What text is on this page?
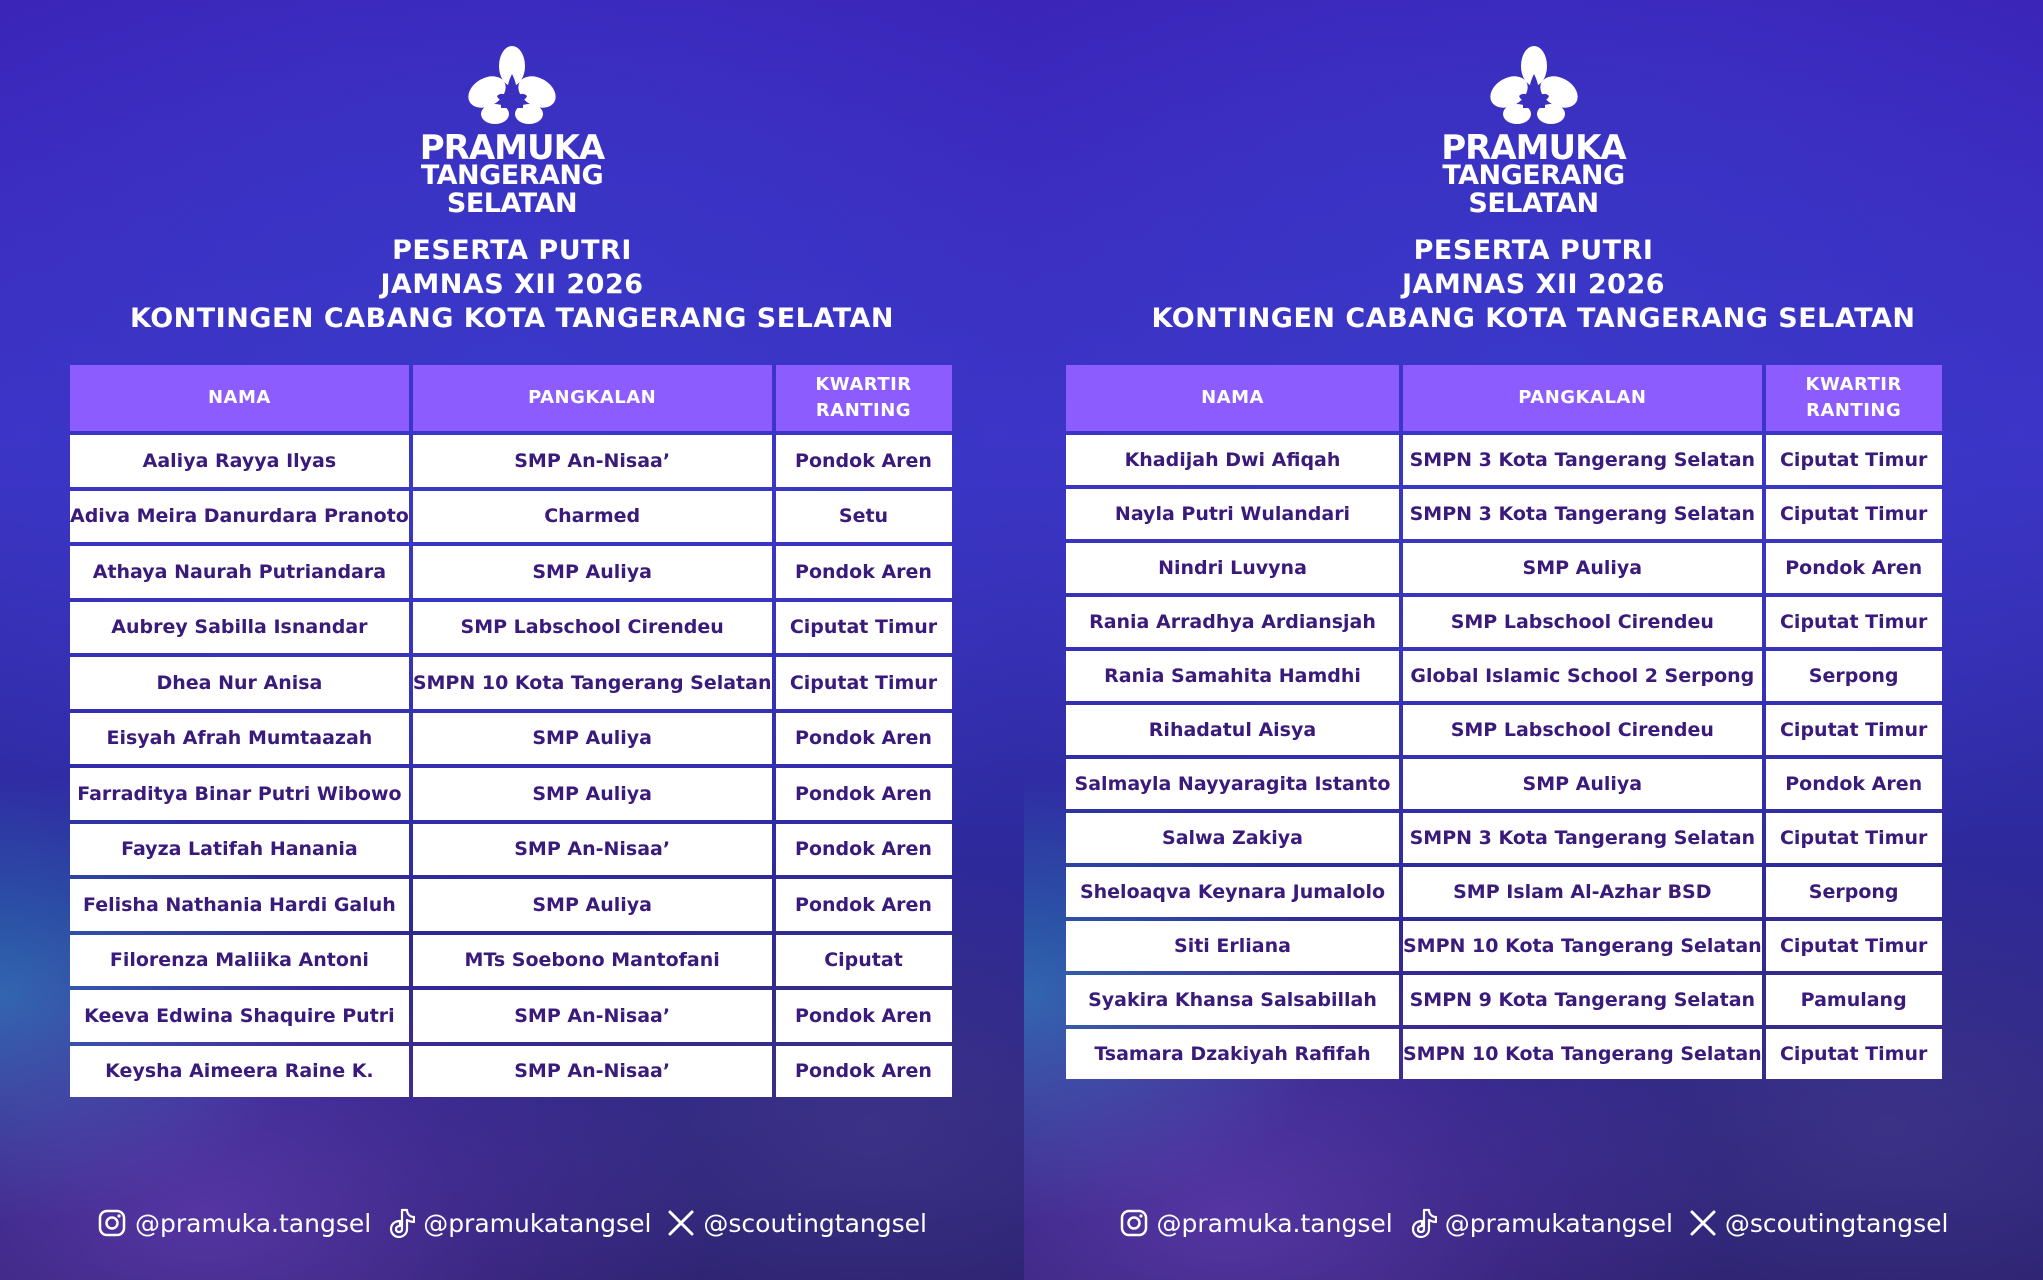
PRAMUKA
TANGERANG
SELATAN
PESERTA PUTRI
JAMNAS XII 2026
KONTINGEN CABANG KOTA TANGERANG SELATAN
NAMA	PANGKALAN	KWARTIR
RANTING
Aaliya Rayya Ilyas	SMP An-Nisaa’	Pondok Aren
Adiva Meira Danurdara Pranoto	Charmed	Setu
Athaya Naurah Putriandara	SMP Auliya	Pondok Aren
Aubrey Sabilla Isnandar	SMP Labschool Cirendeu	Ciputat Timur
Dhea Nur Anisa	SMPN 10 Kota Tangerang Selatan	Ciputat Timur
Eisyah Afrah Mumtaazah	SMP Auliya	Pondok Aren
Farraditya Binar Putri Wibowo	SMP Auliya	Pondok Aren
Fayza Latifah Hanania	SMP An-Nisaa’	Pondok Aren
Felisha Nathania Hardi Galuh	SMP Auliya	Pondok Aren
Filorenza Maliika Antoni	MTs Soebono Mantofani	Ciputat
Keeva Edwina Shaquire Putri	SMP An-Nisaa’	Pondok Aren
Keysha Aimeera Raine K.	SMP An-Nisaa’	Pondok Aren
@pramuka.tangsel @pramukatangsel @scoutingtangsel
PRAMUKA
TANGERANG
SELATAN
PESERTA PUTRI
JAMNAS XII 2026
KONTINGEN CABANG KOTA TANGERANG SELATAN
NAMA	PANGKALAN	KWARTIR
RANTING
Khadijah Dwi Afiqah	SMPN 3 Kota Tangerang Selatan	Ciputat Timur
Nayla Putri Wulandari	SMPN 3 Kota Tangerang Selatan	Ciputat Timur
Nindri Luvyna	SMP Auliya	Pondok Aren
Rania Arradhya Ardiansjah	SMP Labschool Cirendeu	Ciputat Timur
Rania Samahita Hamdhi	Global Islamic School 2 Serpong	Serpong
Rihadatul Aisya	SMP Labschool Cirendeu	Ciputat Timur
Salmayla Nayyaragita Istanto	SMP Auliya	Pondok Aren
Salwa Zakiya	SMPN 3 Kota Tangerang Selatan	Ciputat Timur
Sheloaqva Keynara Jumalolo	SMP Islam Al-Azhar BSD	Serpong
Siti Erliana	SMPN 10 Kota Tangerang Selatan	Ciputat Timur
Syakira Khansa Salsabillah	SMPN 9 Kota Tangerang Selatan	Pamulang
Tsamara Dzakiyah Rafifah	SMPN 10 Kota Tangerang Selatan	Ciputat Timur
@pramuka.tangsel @pramukatangsel @scoutingtangsel
